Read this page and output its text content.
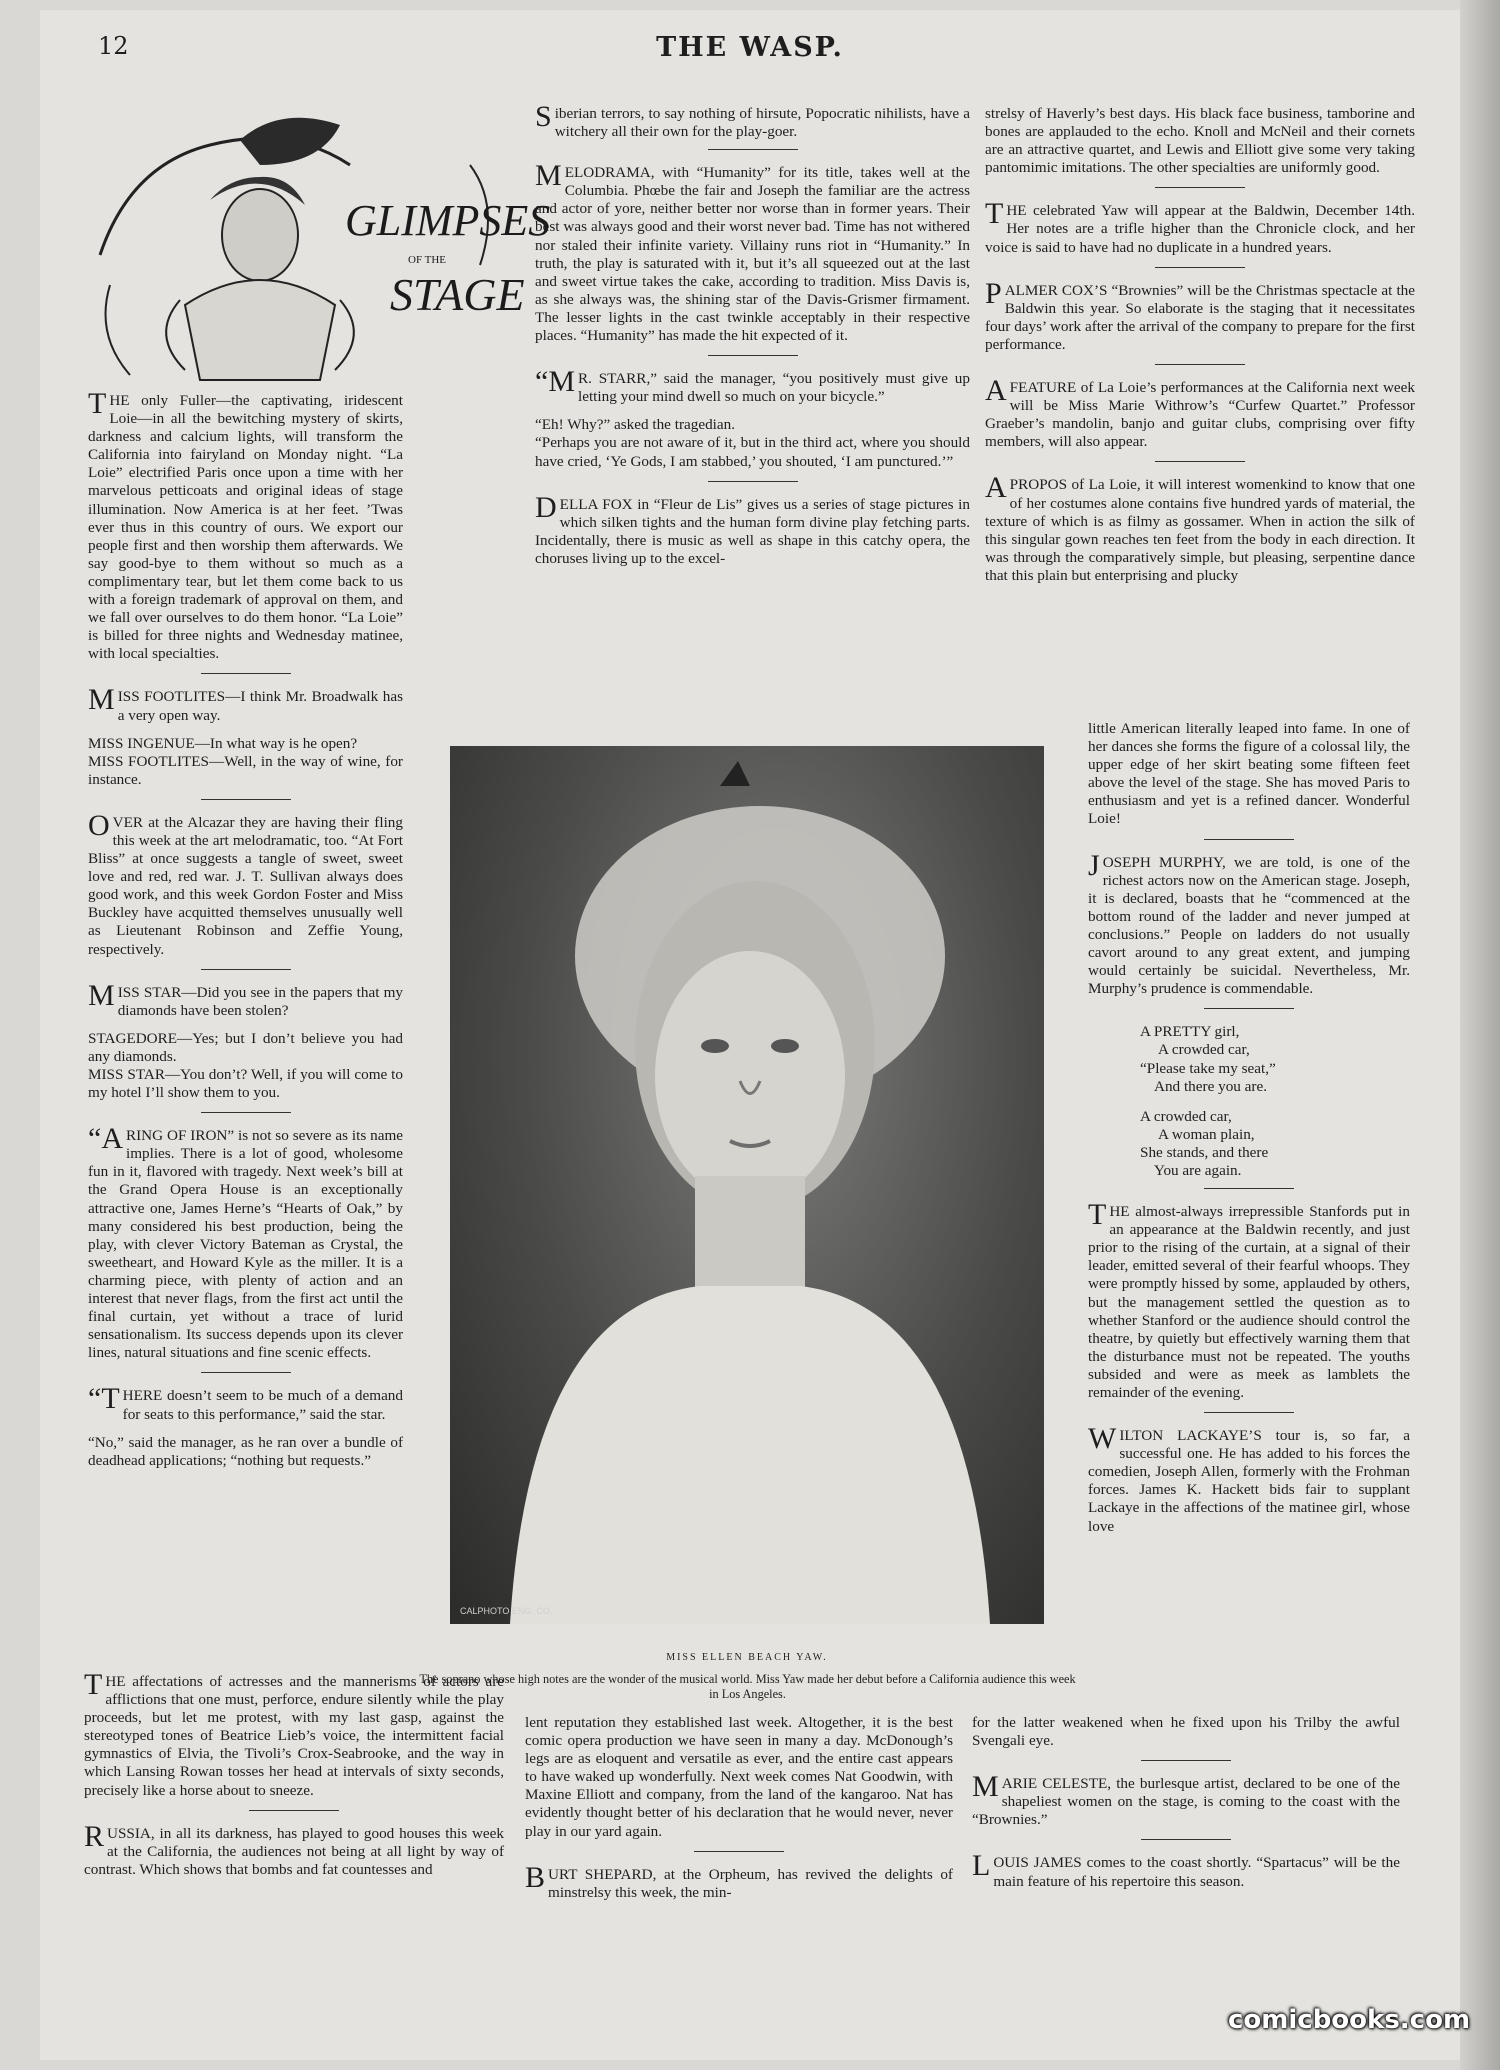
12	THE WASP.
GLIMPSES
OF THE
STAGE

THE only Fuller—the captivating, iridescent Loie—in all the bewitching mystery of skirts, darkness and calcium lights, will transform the California into fairyland on Monday night. “La Loie” electrified Paris once upon a time with her marvelous petticoats and original ideas of stage illumination. Now America is at her feet. ’Twas ever thus in this country of ours. We export our people first and then worship them afterwards. We say good-bye to them without so much as a complimentary tear, but let them come back to us with a foreign trademark of approval on them, and we fall over ourselves to do them honor. “La Loie” is billed for three nights and Wednesday matinee, with local specialties.

MISS FOOTLITES—I think Mr. Broadwalk has a very open way.

MISS INGENUE—In what way is he open?

MISS FOOTLITES—Well, in the way of wine, for instance.

OVER at the Alcazar they are having their fling this week at the art melodramatic, too. “At Fort Bliss” at once suggests a tangle of sweet, sweet love and red, red war. J. T. Sullivan always does good work, and this week Gordon Foster and Miss Buckley have acquitted themselves unusually well as Lieutenant Robinson and Zeffie Young, respectively.

MISS STAR—Did you see in the papers that my diamonds have been stolen?

STAGEDORE—Yes; but I don’t believe you had any diamonds.

MISS STAR—You don’t? Well, if you will come to my hotel I’ll show them to you.

“ARING OF IRON” is not so severe as its name implies. There is a lot of good, wholesome fun in it, flavored with tragedy. Next week’s bill at the Grand Opera House is an exceptionally attractive one, James Herne’s “Hearts of Oak,” by many considered his best production, being the play, with clever Victory Bateman as Crystal, the sweetheart, and Howard Kyle as the miller. It is a charming piece, with plenty of action and an interest that never flags, from the first act until the final curtain, yet without a trace of lurid sensationalism. Its success depends upon its clever lines, natural situations and fine scenic effects.

“THERE doesn’t seem to be much of a demand for seats to this performance,” said the star.

“No,” said the manager, as he ran over a bundle of deadhead applications; “nothing but requests.”

THE affectations of actresses and the mannerisms of actors are afflictions that one must, perforce, endure silently while the play proceeds, but let me protest, with my last gasp, against the stereotyped tones of Beatrice Lieb’s voice, the intermittent facial gymnastics of Elvia, the Tivoli’s Crox-Seabrooke, and the way in which Lansing Rowan tosses her head at intervals of sixty seconds, precisely like a horse about to sneeze.

RUSSIA, in all its darkness, has played to good houses this week at the California, the audiences not being at all light by way of contrast. Which shows that bombs and fat countesses and

Siberian terrors, to say nothing of hirsute, Popocratic nihilists, have a witchery all their own for the play-goer.

MELODRAMA, with “Humanity” for its title, takes well at the Columbia. Phœbe the fair and Joseph the familiar are the actress and actor of yore, neither better nor worse than in former years. Their best was always good and their worst never bad. Time has not withered nor staled their infinite variety. Villainy runs riot in “Humanity.” In truth, the play is saturated with it, but it’s all squeezed out at the last and sweet virtue takes the cake, according to tradition. Miss Davis is, as she always was, the shining star of the Davis-Grismer firmament. The lesser lights in the cast twinkle acceptably in their respective places. “Humanity” has made the hit expected of it.

“MR. STARR,” said the manager, “you positively must give up letting your mind dwell so much on your bicycle.”

“Eh! Why?” asked the tragedian.

“Perhaps you are not aware of it, but in the third act, where you should have cried, ‘Ye Gods, I am stabbed,’ you shouted, ‘I am punctured.’”

DELLA FOX in “Fleur de Lis” gives us a series of stage pictures in which silken tights and the human form divine play fetching parts. Incidentally, there is music as well as shape in this catchy opera, the choruses living up to the excel-

lent reputation they established last week. Altogether, it is the best comic opera production we have seen in many a day. McDonough’s legs are as eloquent and versatile as ever, and the entire cast appears to have waked up wonderfully. Next week comes Nat Goodwin, with Maxine Elliott and company, from the land of the kangaroo. Nat has evidently thought better of his declaration that he would never, never play in our yard again.

BURT SHEPARD, at the Orpheum, has revived the delights of minstrelsy this week, the min-

strelsy of Haverly’s best days. His black face business, tamborine and bones are applauded to the echo. Knoll and McNeil and their cornets are an attractive quartet, and Lewis and Elliott give some very taking pantomimic imitations. The other specialties are uniformly good.

THE celebrated Yaw will appear at the Baldwin, December 14th. Her notes are a trifle higher than the Chronicle clock, and her voice is said to have had no duplicate in a hundred years.

PALMER COX’S “Brownies” will be the Christmas spectacle at the Baldwin this year. So elaborate is the staging that it necessitates four days’ work after the arrival of the company to prepare for the first performance.

AFEATURE of La Loie’s performances at the California next week will be Miss Marie Withrow’s “Curfew Quartet.” Professor Graeber’s mandolin, banjo and guitar clubs, comprising over fifty members, will also appear.

APROPOS of La Loie, it will interest womenkind to know that one of her costumes alone contains five hundred yards of material, the texture of which is as filmy as gossamer. When in action the silk of this singular gown reaches ten feet from the body in each direction. It was through the comparatively simple, but pleasing, serpentine dance that this plain but enterprising and plucky

little American literally leaped into fame. In one of her dances she forms the figure of a colossal lily, the upper edge of her skirt beating some fifteen feet above the level of the stage. She has moved Paris to enthusiasm and yet is a refined dancer. Wonderful Loie!

JOSEPH MURPHY, we are told, is one of the richest actors now on the American stage. Joseph, it is declared, boasts that he “commenced at the bottom round of the ladder and never jumped at conclusions.” People on ladders do not usually cavort around to any great extent, and jumping would certainly be suicidal. Nevertheless, Mr. Murphy’s prudence is commendable.

A PRETTY girl,
A crowded car,
“Please take my seat,”
And there you are.
A crowded car,
A woman plain,
She stands, and there
You are again.

THE almost-always irrepressible Stanfords put in an appearance at the Baldwin recently, and just prior to the rising of the curtain, at a signal of their leader, emitted several of their fearful whoops. They were promptly hissed by some, applauded by others, but the management settled the question as to whether Stanford or the audience should control the theatre, by quietly but effectively warning them that the disturbance must not be repeated. The youths subsided and were as meek as lamblets the remainder of the evening.

WILTON LACKAYE’S tour is, so far, a successful one. He has added to his forces the comedien, Joseph Allen, formerly with the Frohman forces. James K. Hackett bids fair to supplant Lackaye in the affections of the matinee girl, whose love

for the latter weakened when he fixed upon his Trilby the awful Svengali eye.

MARIE CELESTE, the burlesque artist, declared to be one of the shapeliest women on the stage, is coming to the coast with the “Brownies.”

LOUIS JAMES comes to the coast shortly. “Spartacus” will be the main feature of his repertoire this season.

CALPHOTO ENG. CO.
MISS ELLEN BEACH YAW.
The soprano whose high notes are the wonder of the musical world. Miss Yaw made her debut before a California audience this week in Los Angeles.
comicbooks.com
